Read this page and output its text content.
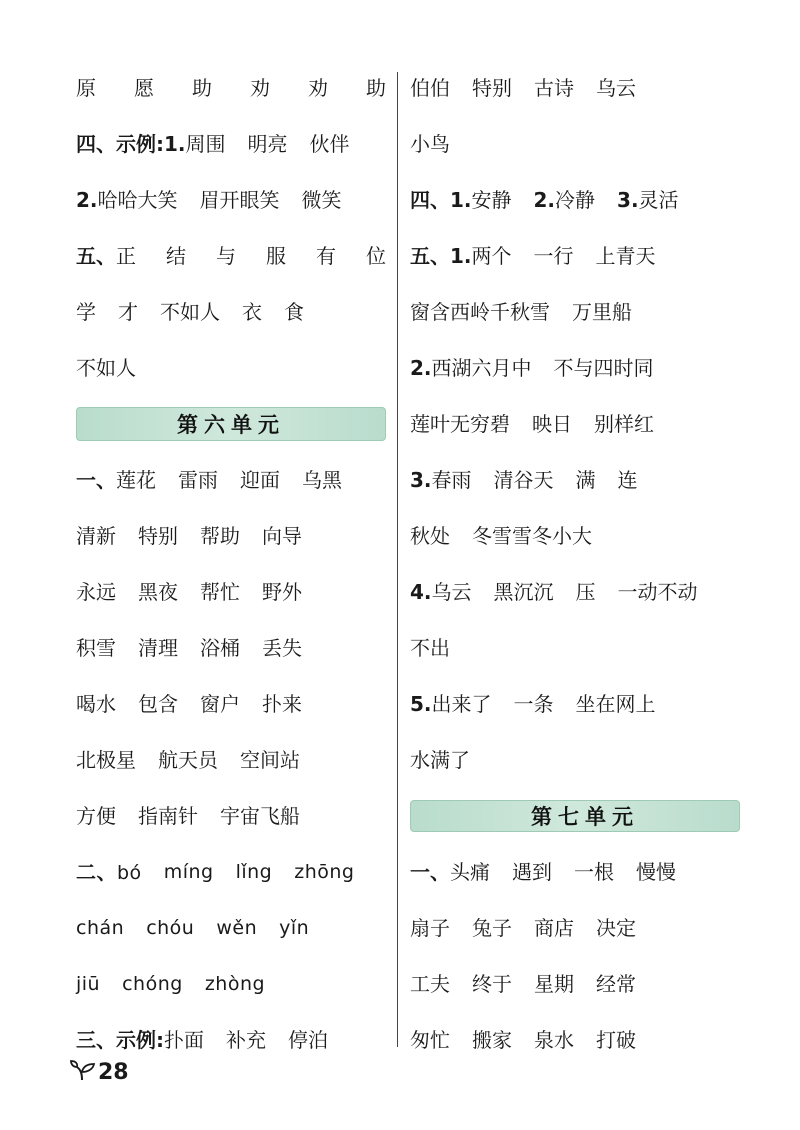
原 愿 助 劝 劝 助
四、示例:1.周围 明亮 伙伴
2.哈哈大笑 眉开眼笑 微笑
五、正 结 与 服 有 位
学 才 不如人 衣 食
不如人
第六单元
一、莲花 雷雨 迎面 乌黑
清新 特别 帮助 向导
永远 黑夜 帮忙 野外
积雪 清理 浴桶 丢失
喝水 包含 窗户 扑来
北极星 航天员 空间站
方便 指南针 宇宙飞船
二、bó míng lǐng zhōng
chán chóu wěn yǐn
jiū chóng zhòng
三、示例:扑面 补充 停泊
伯伯 特别 古诗 乌云
小鸟
四、1.安静 2.冷静 3.灵活
五、1.两个 一行 上青天
窗含西岭千秋雪 万里船
2.西湖六月中 不与四时同
莲叶无穷碧 映日 别样红
3.春雨 清谷天 满 连
秋处 冬雪雪冬小大
4.乌云 黑沉沉 压 一动不动
不出
5.出来了 一条 坐在网上
水满了
第七单元
一、头痛 遇到 一根 慢慢
扇子 兔子 商店 决定
工夫 终于 星期 经常
匆忙 搬家 泉水 打破
28
